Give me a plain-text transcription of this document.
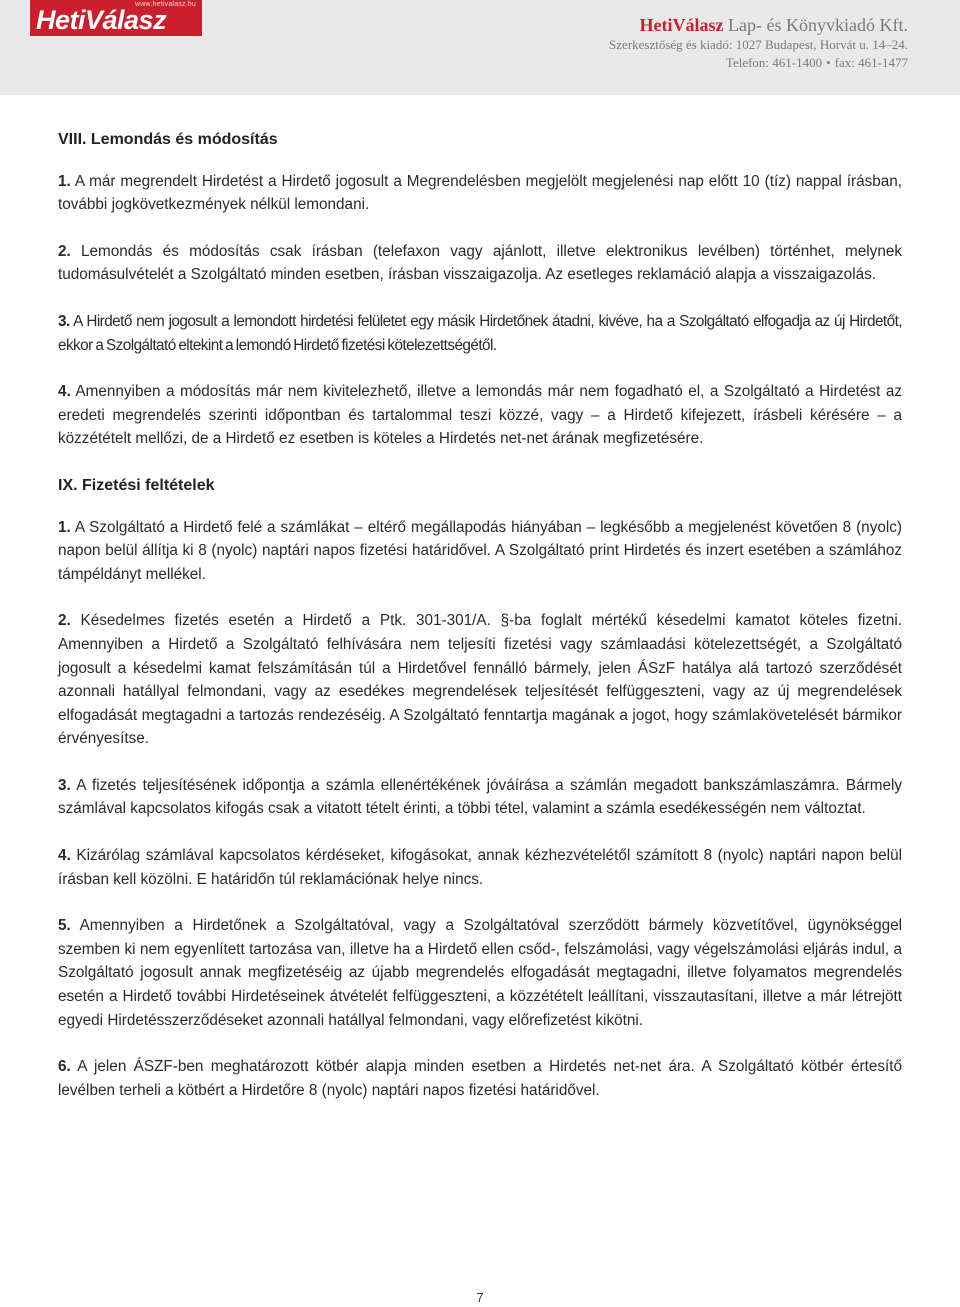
www.hetivalasz.hu
HetiVálasz	HetiVálasz Lap- és Könyvkiadó Kft.
Szerkesztőség és kiadó: 1027 Budapest, Horvát u. 14–24.
Telefon: 461-1400 • fax: 461-1477
VIII. Lemondás és módosítás
1. A már megrendelt Hirdetést a Hirdető jogosult a Megrendelésben megjelölt megjelenési nap előtt 10 (tíz) nappal írásban, további jogkövetkezmények nélkül lemondani.
2. Lemondás és módosítás csak írásban (telefaxon vagy ajánlott, illetve elektronikus levélben) történhet, melynek tudomásulvételét a Szolgáltató minden esetben, írásban visszaigazolja. Az esetleges reklamáció alapja a visszaigazolás.
3. A Hirdető nem jogosult a lemondott hirdetési felületet egy másik Hirdetőnek átadni, kivéve, ha a Szolgáltató elfogadja az új Hirdetőt, ekkor a Szolgáltató eltekint a lemondó Hirdető fizetési kötelezettségétől.
4. Amennyiben a módosítás már nem kivitelezhető, illetve a lemondás már nem fogadható el, a Szolgáltató a Hirdetést az eredeti megrendelés szerinti időpontban és tartalommal teszi közzé, vagy – a Hirdető kifejezett, írásbeli kérésére – a közzétételt mellőzi, de a Hirdető ez esetben is köteles a Hirdetés net-net árának megfizetésére.
IX. Fizetési feltételek
1. A Szolgáltató a Hirdető felé a számlákat – eltérő megállapodás hiányában – legkésőbb a megjelenést követően 8 (nyolc) napon belül állítja ki 8 (nyolc) naptári napos fizetési határidővel. A Szolgáltató print Hirdetés és inzert esetében a számlához támpéldányt mellékel.
2. Késedelmes fizetés esetén a Hirdető a Ptk. 301-301/A. §-ba foglalt mértékű késedelmi kamatot köteles fizetni. Amennyiben a Hirdető a Szolgáltató felhívására nem teljesíti fizetési vagy számlaadási kötelezettségét, a Szolgáltató jogosult a késedelmi kamat felszámításán túl a Hirdetővel fennálló bármely, jelen ÁSzF hatálya alá tartozó szerződését azonnali hatállyal felmondani, vagy az esedékes megrendelések teljesítését felfüggeszteni, vagy az új megrendelések elfogadását megtagadni a tartozás rendezéséig. A Szolgáltató fenntartja magának a jogot, hogy számlakövetelését bármikor érvényesítse.
3. A fizetés teljesítésének időpontja a számla ellenértékének jóváírása a számlán megadott bankszámlaszámra. Bármely számlával kapcsolatos kifogás csak a vitatott tételt érinti, a többi tétel, valamint a számla esedékességén nem változtat.
4. Kizárólag számlával kapcsolatos kérdéseket, kifogásokat, annak kézhezvételétől számított 8 (nyolc) naptári napon belül írásban kell közölni. E határidőn túl reklamációnak helye nincs.
5. Amennyiben a Hirdetőnek a Szolgáltatóval, vagy a Szolgáltatóval szerződött bármely közvetítővel, ügynökséggel szemben ki nem egyenlített tartozása van, illetve ha a Hirdető ellen csőd-, felszámolási, vagy végelszámolási eljárás indul, a Szolgáltató jogosult annak megfizetéséig az újabb megrendelés elfogadását megtagadni, illetve folyamatos megrendelés esetén a Hirdető további Hirdetéseinek átvételét felfüggeszteni, a közzétételt leállítani, visszautasítani, illetve a már létrejött egyedi Hirdetésszerződéseket azonnali hatállyal felmondani, vagy előrefizetést kikötni.
6. A jelen ÁSZF-ben meghatározott kötbér alapja minden esetben a Hirdetés net-net ára. A Szolgáltató kötbér értesítő levélben terheli a kötbért a Hirdetőre 8 (nyolc) naptári napos fizetési határidővel.
7
